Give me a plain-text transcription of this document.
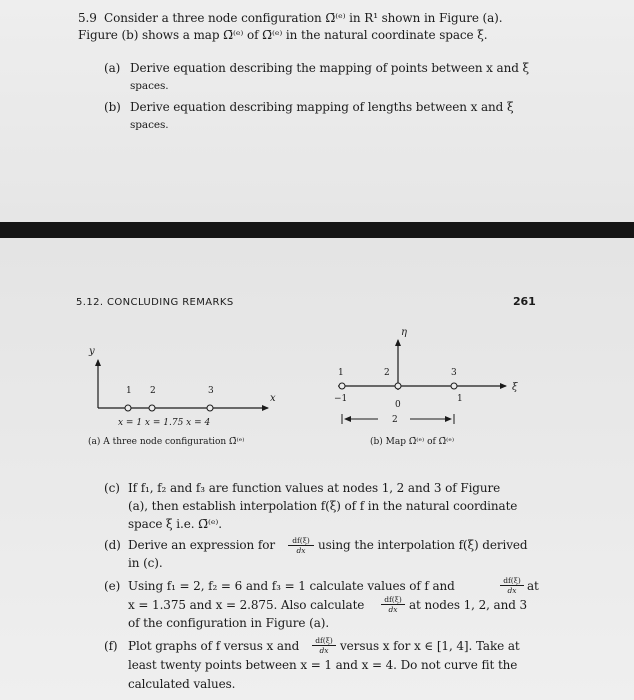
5.9 Consider a three node configuration Ω̄⁽ᵉ⁾ in R¹ shown in Figure (a).
Figure (b) shows a map Ω̄⁽ᵉ⁾ of Ω̄⁽ᵉ⁾ in the natural coordinate space ξ.
(a) Derive equation describing the mapping of points between x and ξ
spaces.
(b) Derive equation describing mapping of lengths between x and ξ
spaces.
5.12. CONCLUDING REMARKS	261
y
x
1 2	3
x = 1 x = 1.75 x = 4
(a) A three node configuration Ω̄⁽ᵉ⁾
η
ξ
1	2	3
−1
0
1
2
(b) Map Ω̄⁽ᵉ⁾ of Ω̄⁽ᵉ⁾
(c) If f₁, f₂ and f₃ are function values at nodes 1, 2 and 3 of Figure
(a), then establish interpolation f(ξ) of f in the natural coordinate
space ξ i.e. Ω̄⁽ᵉ⁾.
(d) Derive an expression for $\frac{df(\xi)}{dx}$ using the interpolation f(ξ) derived
in (c).
(e) Using f₁ = 2, f₂ = 6 and f₃ = 1 calculate values of f and	$\frac{df(\xi)}{dx}$ at
x = 1.375 and x = 2.875. Also calculate $\frac{df(\xi)}{dx}$ at nodes 1, 2, and 3
of the configuration in Figure (a).
(f) Plot graphs of f versus x and $\frac{df(\xi)}{dx}$ versus x for x ∈ [1, 4]. Take at
least twenty points between x = 1 and x = 4. Do not curve fit the
calculated values.
